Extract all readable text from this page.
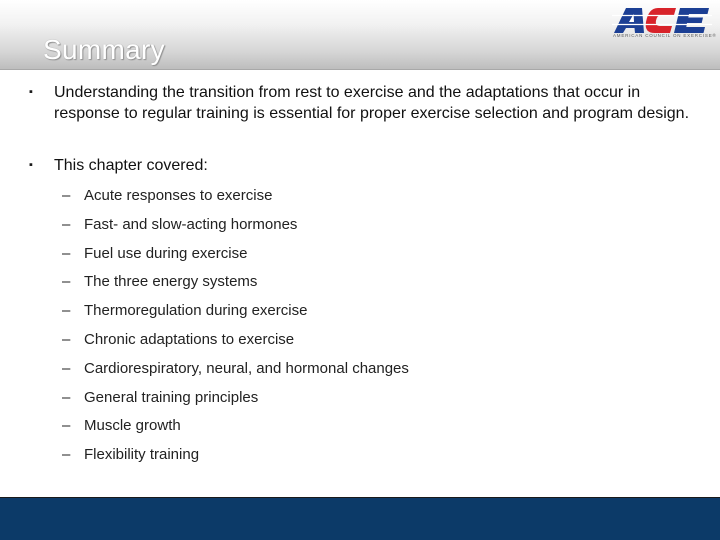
Summary	AMERICAN COUNCIL ON EXERCISE®
▪ Understanding the transition from rest to exercise and the adaptations that occur in response to regular training is essential for proper exercise selection and program design.
▪ This chapter covered:
– Acute responses to exercise
– Fast- and slow-acting hormones
– Fuel use during exercise
– The three energy systems
– Thermoregulation during exercise
– Chronic adaptations to exercise
– Cardiorespiratory, neural, and hormonal changes
– General training principles
– Muscle growth
– Flexibility training
